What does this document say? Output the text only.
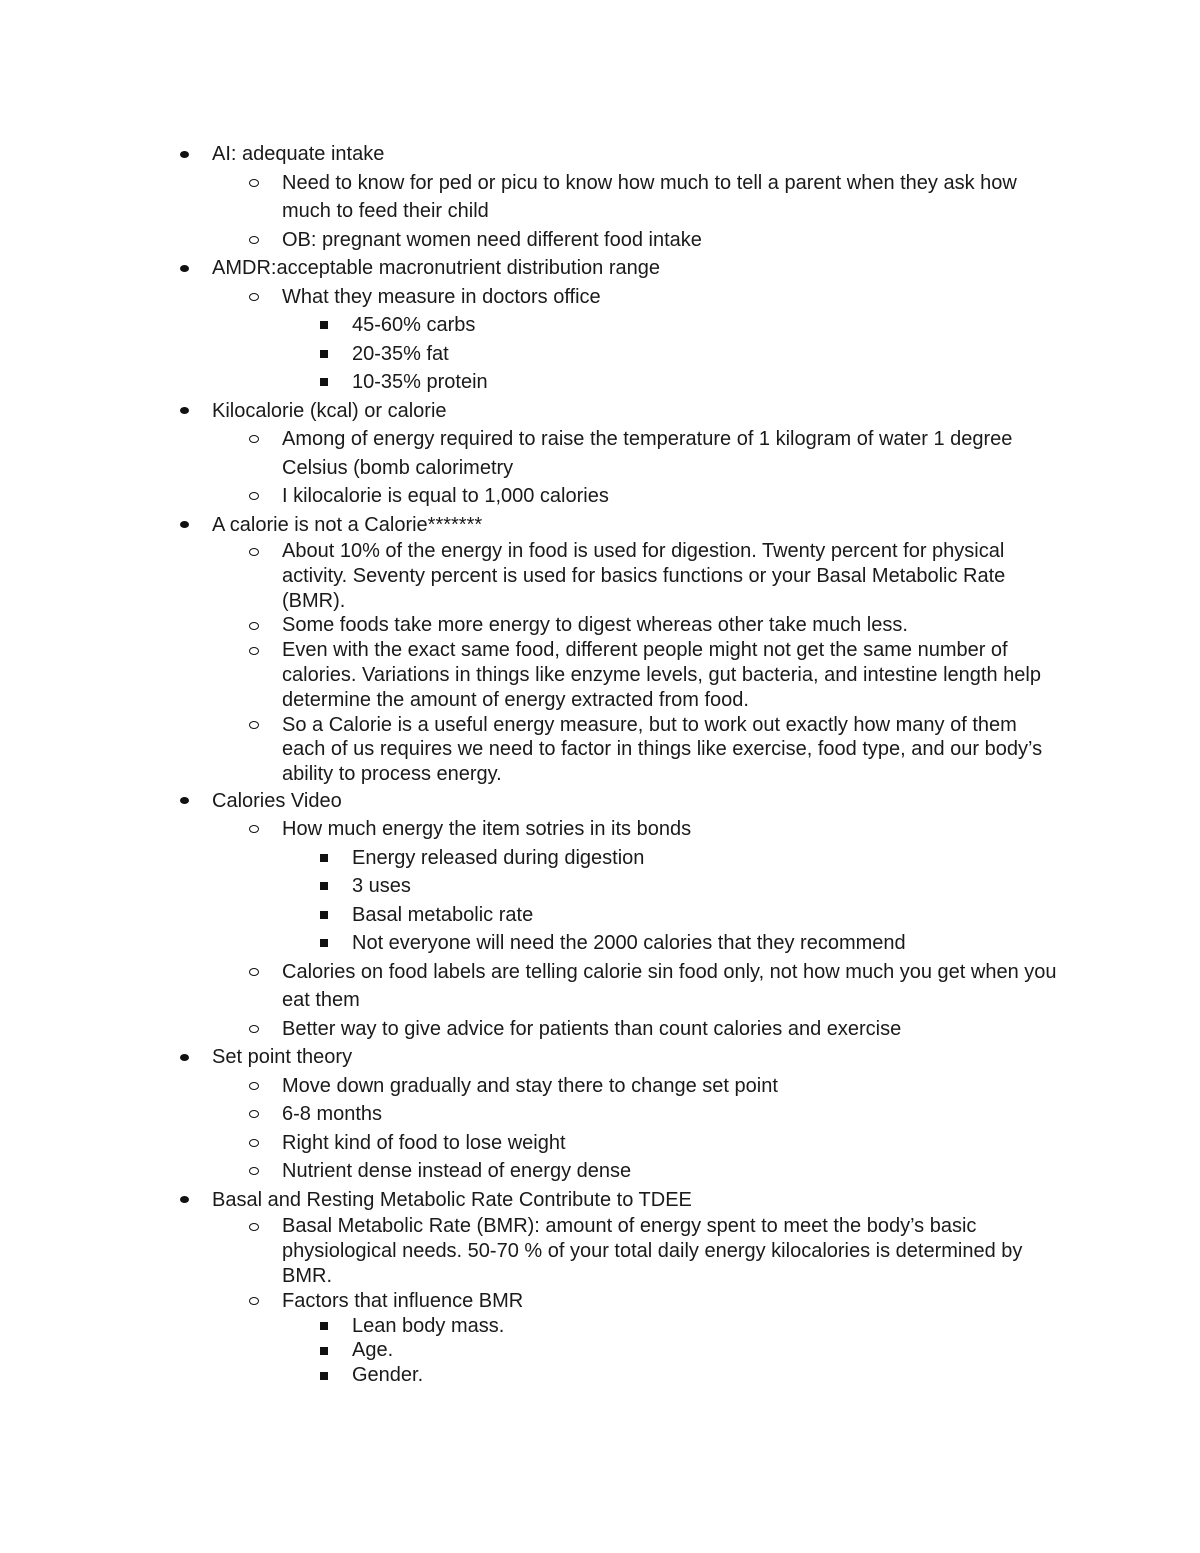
AI: adequate intake
Need to know for ped or picu to know how much to tell a parent when they ask how much to feed their child
OB: pregnant women need different food intake
AMDR:acceptable macronutrient distribution range
What they measure in doctors office
45-60% carbs
20-35% fat
10-35% protein
Kilocalorie (kcal) or calorie
Among of energy required to raise the temperature of 1 kilogram of water 1 degree Celsius (bomb calorimetry
I kilocalorie is equal to 1,000 calories
A calorie is not a Calorie*******
About 10% of the energy in food is used for digestion. Twenty percent for physical activity. Seventy percent is used for basics functions or your Basal Metabolic Rate (BMR).
Some foods take more energy to digest whereas other take much less.
Even with the exact same food, different people might not get the same number of calories. Variations in things like enzyme levels, gut bacteria, and intestine length help determine the amount of energy extracted from food.
So a Calorie is a useful energy measure, but to work out exactly how many of them each of us requires we need to factor in things like exercise, food type, and our body’s ability to process energy.
Calories Video
How much energy the item sotries in its bonds
Energy released during digestion
3 uses
Basal metabolic rate
Not everyone will need the 2000 calories that they recommend
Calories on food labels are telling calorie sin food only, not how much you get when you eat them
Better way to give advice for patients than count calories and exercise
Set point theory
Move down gradually and stay there to change set point
6-8 months
Right kind of food to lose weight
Nutrient dense instead of energy dense
Basal and Resting Metabolic Rate Contribute to TDEE
Basal Metabolic Rate (BMR): amount of energy spent to meet the body’s basic physiological needs. 50-70 % of your total daily energy kilocalories is determined by BMR.
Factors that influence BMR
Lean body mass.
Age.
Gender.
